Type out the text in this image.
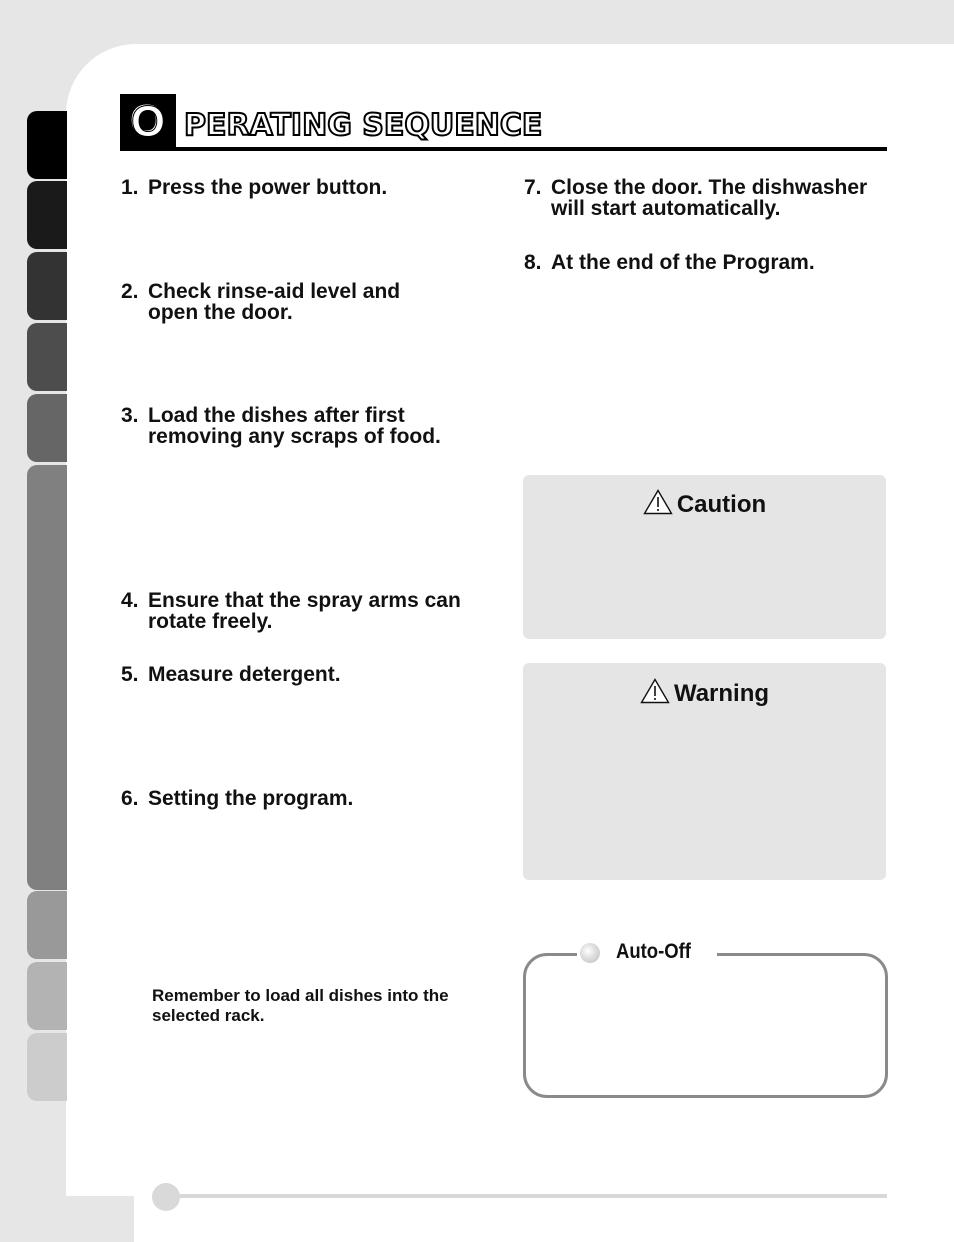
O PERATING SEQUENCE
1. Press the power button.
2. Check rinse-aid level and open the door.
3. Load the dishes after first removing any scraps of food.
4. Ensure that the spray arms can rotate freely.
5. Measure detergent.
6. Setting the program.
Remember to load all dishes into the selected rack.
7. Close the door. The dishwasher will start automatically.
8. At the end of the Program.
Caution
Warning
Auto-Off
